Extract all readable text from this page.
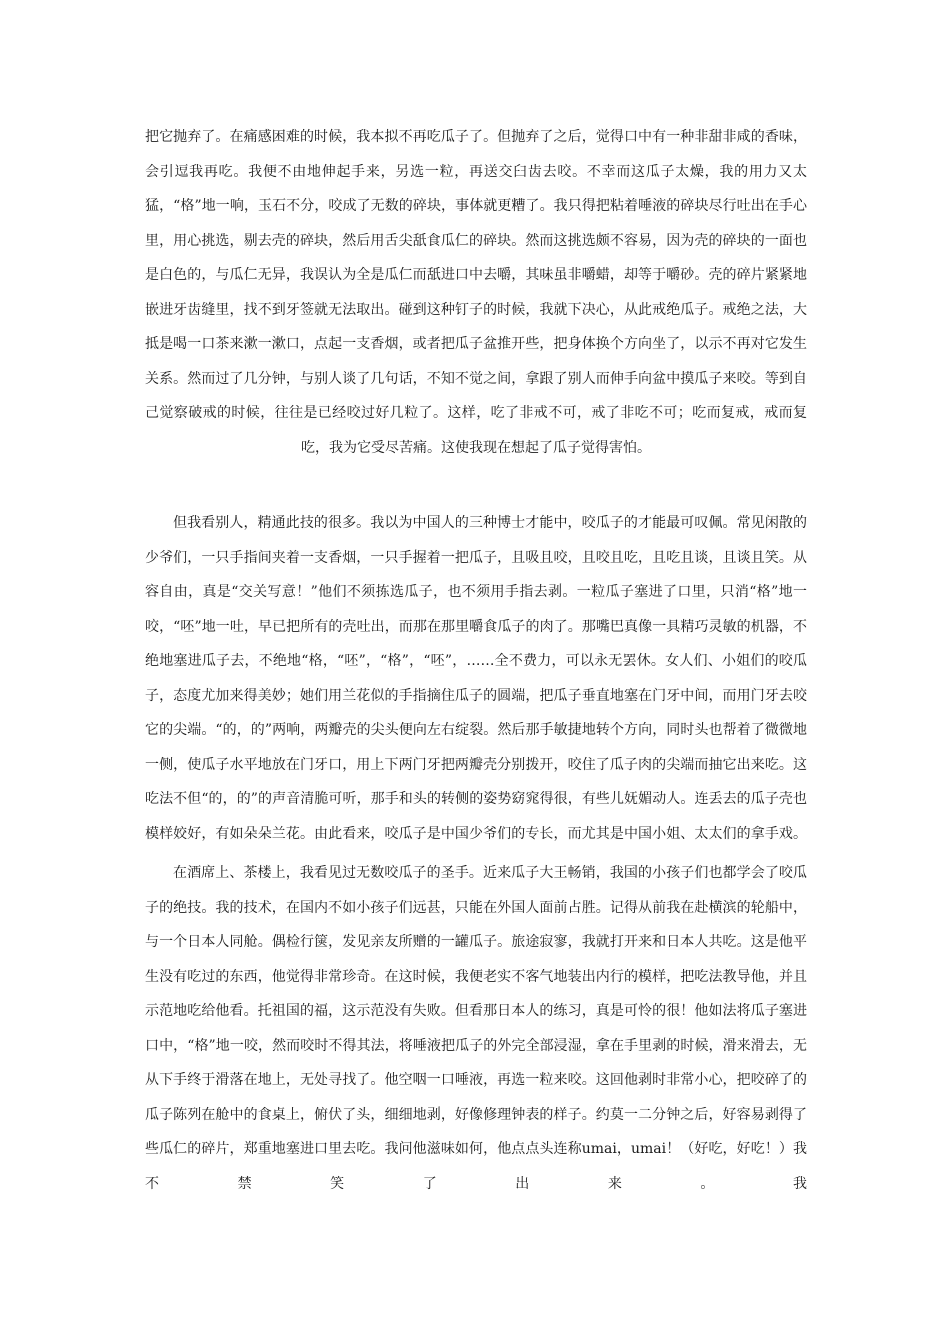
把它抛弃了。在痛感困难的时候，我本拟不再吃瓜子了。但抛弃了之后，觉得口中有一种非甜非咸的香味，会引逗我再吃。我便不由地伸起手来，另选一粒，再送交臼齿去咬。不幸而这瓜子太燥，我的用力又太猛，“格”地一响，玉石不分，咬成了无数的碎块，事体就更糟了。我只得把粘着唾液的碎块尽行吐出在手心里，用心挑选，剔去壳的碎块，然后用舌尖舐食瓜仁的碎块。然而这挑选颇不容易，因为壳的碎块的一面也是白色的，与瓜仁无异，我误认为全是瓜仁而舐进口中去嚼，其味虽非嚼蜡，却等于嚼砂。壳的碎片紧紧地嵌进牙齿缝里，找不到牙签就无法取出。碰到这种钉子的时候，我就下决心，从此戒绝瓜子。戒绝之法，大抵是喝一口茶来漱一漱口，点起一支香烟，或者把瓜子盆推开些，把身体换个方向坐了，以示不再对它发生关系。然而过了几分钟，与别人谈了几句话，不知不觉之间，拿跟了别人而伸手向盆中摸瓜子来咬。等到自己觉察破戒的时候，往往是已经咬过好几粒了。这样，吃了非戒不可，戒了非吃不可；吃而复戒，戒而复吃，我为它受尽苦痛。这使我现在想起了瓜子觉得害怕。

但我看别人，精通此技的很多。我以为中国人的三种博士才能中，咬瓜子的才能最可叹佩。常见闲散的少爷们，一只手指间夹着一支香烟，一只手握着一把瓜子，且吸且咬，且咬且吃，且吃且谈，且谈且笑。从容自由，真是“交关写意！”他们不须拣选瓜子，也不须用手指去剥。一粒瓜子塞进了口里，只消“格”地一咬，“呸”地一吐，早已把所有的壳吐出，而那在那里嚼食瓜子的肉了。那嘴巴真像一具精巧灵敏的机器，不绝地塞进瓜子去，不绝地“格，“呸”，“格”，“呸”，……全不费力，可以永无罢休。女人们、小姐们的咬瓜子，态度尤加来得美妙；她们用兰花似的手指摘住瓜子的圆端，把瓜子垂直地塞在门牙中间，而用门牙去咬它的尖端。“的，的”两响，两瓣壳的尖头便向左右绽裂。然后那手敏捷地转个方向，同时头也帮着了微微地一侧，使瓜子水平地放在门牙口，用上下两门牙把两瓣壳分别拨开，咬住了瓜子肉的尖端而抽它出来吃。这吃法不但“的，的”的声音清脆可听，那手和头的转侧的姿势窈窕得很，有些儿妩媚动人。连丢去的瓜子壳也模样姣好，有如朵朵兰花。由此看来，咬瓜子是中国少爷们的专长，而尤其是中国小姐、太太们的拿手戏。

在酒席上、茶楼上，我看见过无数咬瓜子的圣手。近来瓜子大王畅销，我国的小孩子们也都学会了咬瓜子的绝技。我的技术，在国内不如小孩子们远甚，只能在外国人面前占胜。记得从前我在赴横滨的轮船中，与一个日本人同舱。偶检行箧，发见亲友所赠的一罐瓜子。旅途寂寥，我就打开来和日本人共吃。这是他平生没有吃过的东西，他觉得非常珍奇。在这时候，我便老实不客气地装出内行的模样，把吃法教导他，并且示范地吃给他看。托祖国的福，这示范没有失败。但看那日本人的练习，真是可怜的很！他如法将瓜子塞进口中，“格”地一咬，然而咬时不得其法，将唾液把瓜子的外完全部浸湿，拿在手里剥的时候，滑来滑去，无从下手终于滑落在地上，无处寻找了。他空咽一口唾液，再选一粒来咬。这回他剥时非常小心，把咬碎了的瓜子陈列在舱中的食桌上，俯伏了头，细细地剥，好像修理钟表的样子。约莫一二分钟之后，好容易剥得了些瓜仁的碎片，郑重地塞进口里去吃。我问他滋味如何，他点点头连称umai，umai！（好吃，好吃！）我不禁笑了出来。我
